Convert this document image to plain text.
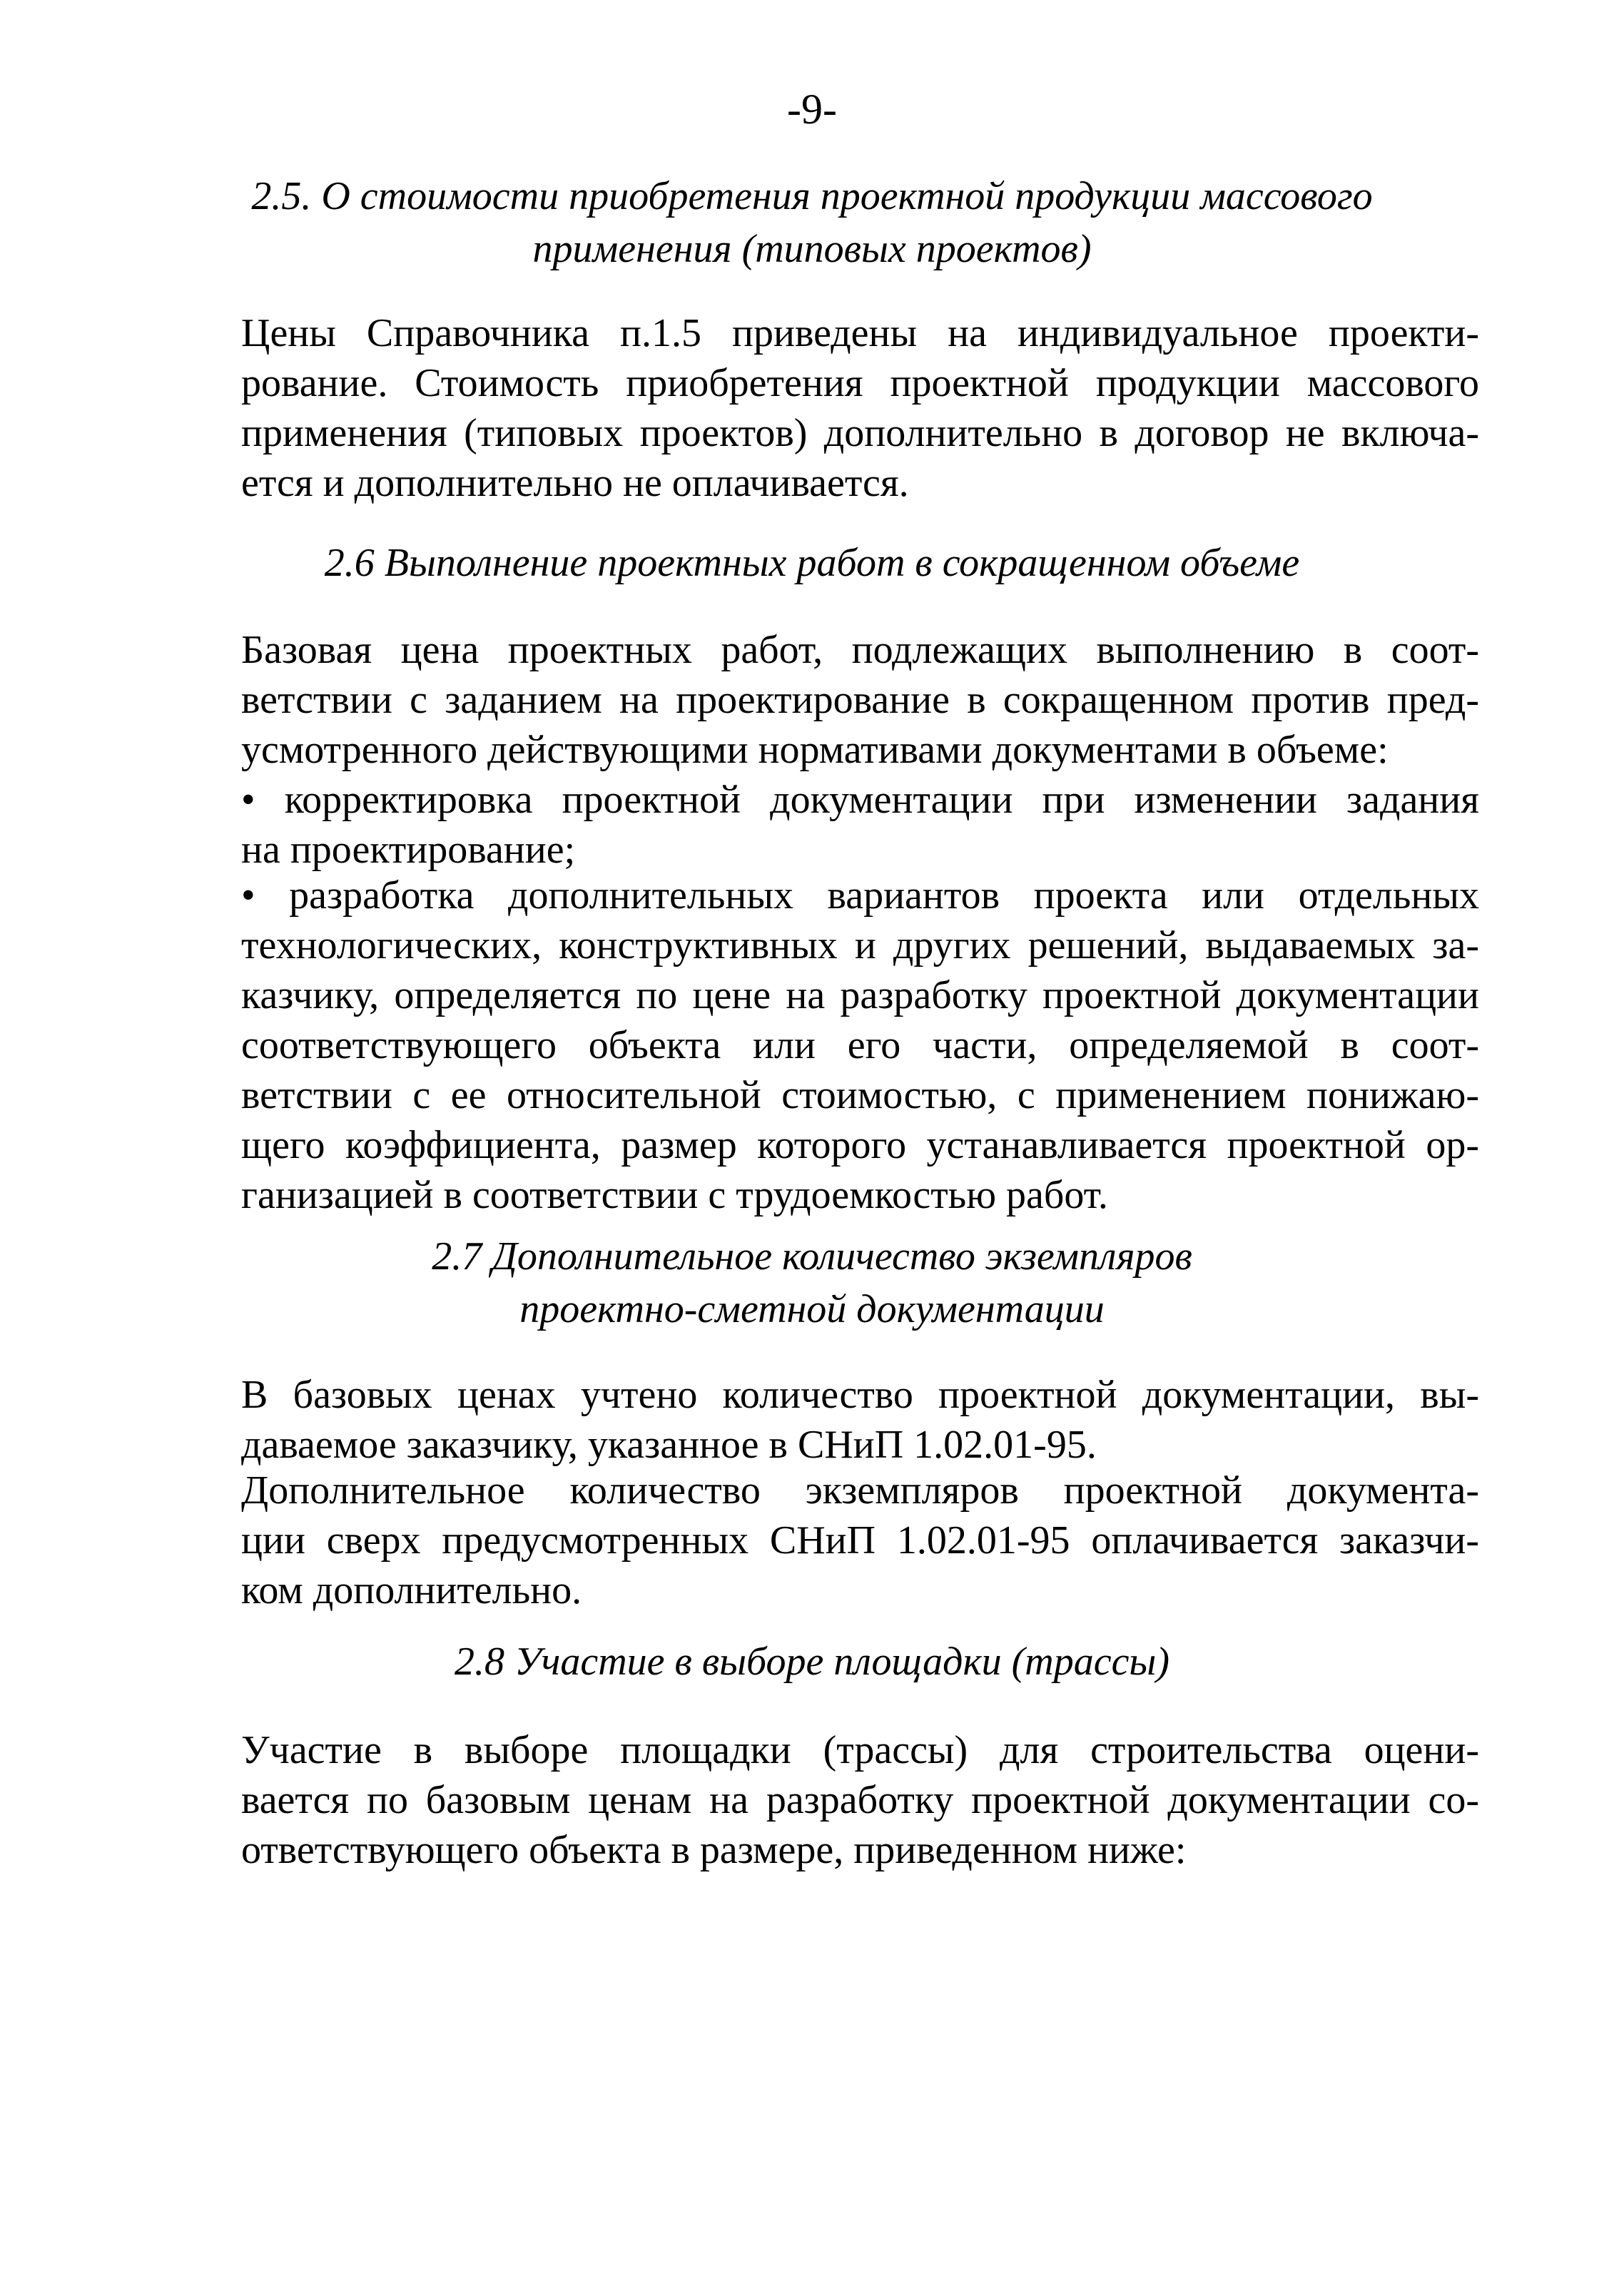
-9-
2.5. О стоимости приобретения проектной продукции массового
применения (типовых проектов)
Цены Справочника п.1.5 приведены на индивидуальное проекти-
рование. Стоимость приобретения проектной продукции массового
применения (типовых проектов) дополнительно в договор не включа-
ется и дополнительно не оплачивается.
2.6 Выполнение проектных работ в сокращенном объеме
Базовая цена проектных работ, подлежащих выполнению в соот-
ветствии с заданием на проектирование в сокращенном против пред-
усмотренного действующими нормативами документами в объеме:
• корректировка проектной документации при изменении задания
на проектирование;
• разработка дополнительных вариантов проекта или отдельных
технологических, конструктивных и других решений, выдаваемых за-
казчику, определяется по цене на разработку проектной документации
соответствующего объекта или его части, определяемой в соот-
ветствии с ее относительной стоимостью, с применением понижаю-
щего коэффициента, размер которого устанавливается проектной ор-
ганизацией в соответствии с трудоемкостью работ.
2.7 Дополнительное количество экземпляров
проектно-сметной документации
В базовых ценах учтено количество проектной документации, вы-
даваемое заказчику, указанное в СНиП 1.02.01-95.
Дополнительное количество экземпляров проектной документа-
ции сверх предусмотренных СНиП 1.02.01-95 оплачивается заказчи-
ком дополнительно.
2.8 Участие в выборе площадки (трассы)
Участие в выборе площадки (трассы) для строительства оцени-
вается по базовым ценам на разработку проектной документации со-
ответствующего объекта в размере, приведенном ниже:
